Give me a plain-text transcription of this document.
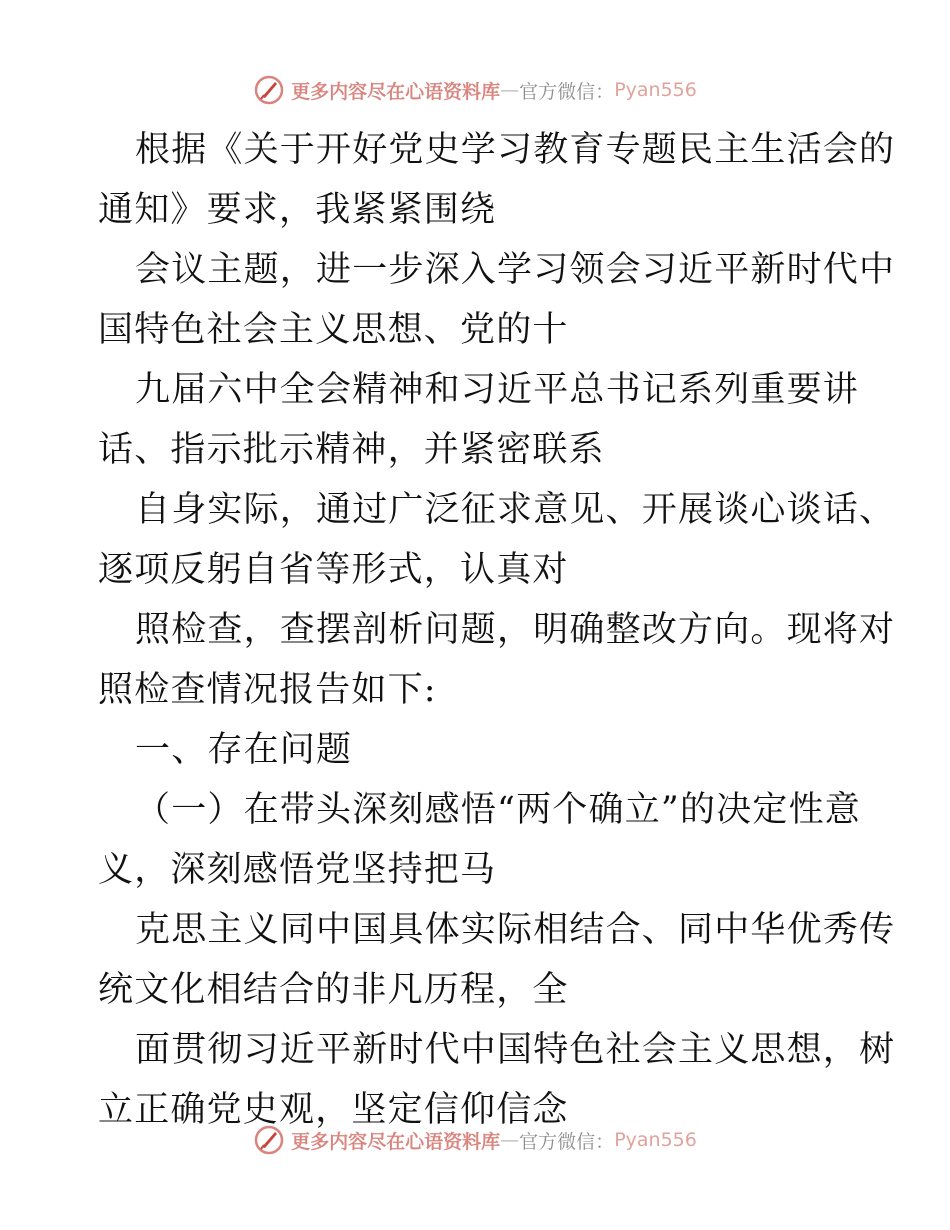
更多内容尽在心语资料库 — 官方微信： Pyan556
根据《关于开好党史学习教育专题民主生活会的
通知》要求，我紧紧围绕
会议主题，进一步深入学习领会习近平新时代中
国特色社会主义思想、党的十
九届六中全会精神和习近平总书记系列重要讲
话、指示批示精神，并紧密联系
自身实际，通过广泛征求意见、开展谈心谈话、
逐项反躬自省等形式，认真对
照检查，查摆剖析问题，明确整改方向。现将对
照检查情况报告如下:
一、存在问题
（一）在带头深刻感悟“两个确立”的决定性意
义，深刻感悟党坚持把马
克思主义同中国具体实际相结合、同中华优秀传
统文化相结合的非凡历程，全
面贯彻习近平新时代中国特色社会主义思想，树
立正确党史观，坚定信仰信念
更多内容尽在心语资料库 — 官方微信： Pyan556
